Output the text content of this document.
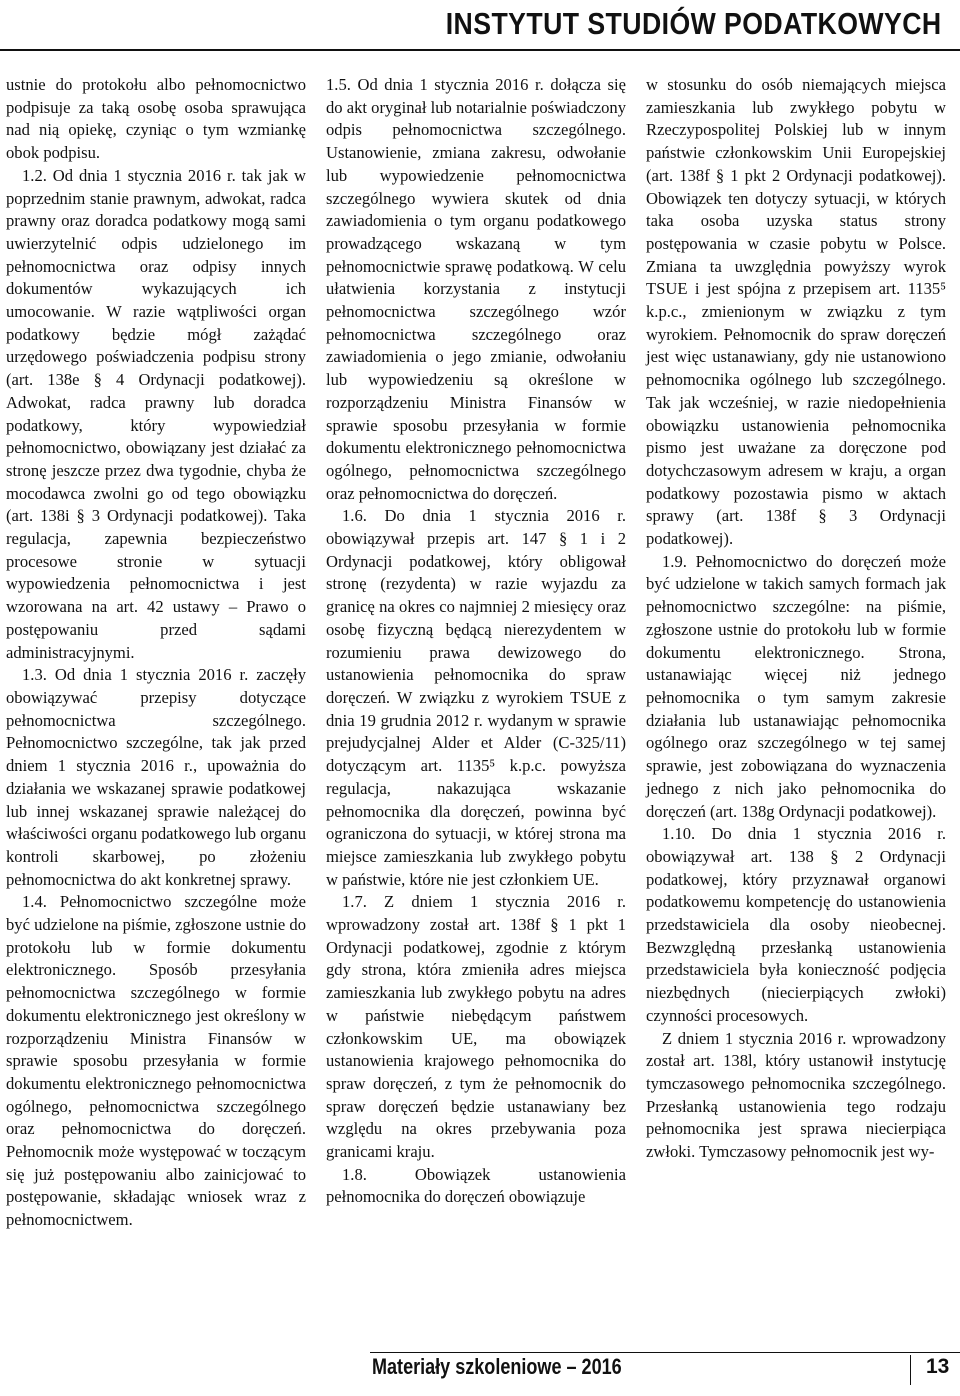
INSTYTUT STUDIÓW PODATKOWYCH

ustnie do protokołu albo pełnomocnictwo podpisuje za taką osobę osoba sprawująca nad nią opiekę, czyniąc o tym wzmiankę obok podpisu.

1.2. Od dnia 1 stycznia 2016 r. tak jak w poprzednim stanie prawnym, adwokat, radca prawny oraz doradca podatkowy mogą sami uwierzytelnić odpis udzielonego im pełnomocnictwa oraz odpisy innych dokumentów wykazujących ich umocowanie. W razie wątpliwości organ podatkowy będzie mógł zażądać urzędowego poświadczenia podpisu strony (art. 138e § 4 Ordynacji podatkowej). Adwokat, radca prawny lub doradca podatkowy, który wypowiedział pełnomocnictwo, obowiązany jest działać za stronę jeszcze przez dwa tygodnie, chyba że mocodawca zwolni go od tego obowiązku (art. 138i § 3 Ordynacji podatkowej). Taka regulacja, zapewnia bezpieczeństwo procesowe stronie w sytuacji wypowiedzenia pełnomocnictwa i jest wzorowana na art. 42 ustawy – Prawo o postępowaniu przed sądami administracyjnymi.

1.3. Od dnia 1 stycznia 2016 r. zaczęły obowiązywać przepisy dotyczące pełnomocnictwa szczególnego. Pełnomocnictwo szczególne, tak jak przed dniem 1 stycznia 2016 r., upoważnia do działania we wskazanej sprawie podatkowej lub innej wskazanej sprawie należącej do właściwości organu podatkowego lub organu kontroli skarbowej, po złożeniu pełnomocnictwa do akt konkretnej sprawy.

1.4. Pełnomocnictwo szczególne może być udzielone na piśmie, zgłoszone ustnie do protokołu lub w formie dokumentu elektronicznego. Sposób przesyłania pełnomocnictwa szczególnego w formie dokumentu elektronicznego jest określony w rozporządzeniu Ministra Finansów w sprawie sposobu przesyłania w formie dokumentu elektronicznego pełnomocnictwa ogólnego, pełnomocnictwa szczególnego oraz pełnomocnictwa do doręczeń. Pełnomocnik może występować w toczącym się już postępowaniu albo zainicjować to postępowanie, składając wniosek wraz z pełnomocnictwem.

1.5. Od dnia 1 stycznia 2016 r. dołącza się do akt oryginał lub notarialnie poświadczony odpis pełnomocnictwa szczególnego. Ustanowienie, zmiana zakresu, odwołanie lub wypowiedzenie pełnomocnictwa szczególnego wywiera skutek od dnia zawiadomienia o tym organu podatkowego prowadzącego wskazaną w tym pełnomocnictwie sprawę podatkową. W celu ułatwienia korzystania z instytucji pełnomocnictwa szczególnego wzór pełnomocnictwa szczególnego oraz zawiadomienia o jego zmianie, odwołaniu lub wypowiedzeniu są określone w rozporządzeniu Ministra Finansów w sprawie sposobu przesyłania w formie dokumentu elektronicznego pełnomocnictwa ogólnego, pełnomocnictwa szczególnego oraz pełnomocnictwa do doręczeń.

1.6. Do dnia 1 stycznia 2016 r. obowiązywał przepis art. 147 § 1 i 2 Ordynacji podatkowej, który obligował stronę (rezydenta) w razie wyjazdu za granicę na okres co najmniej 2 miesięcy oraz osobę fizyczną będącą nierezydentem w rozumieniu prawa dewizowego do ustanowienia pełnomocnika do spraw doręczeń. W związku z wyrokiem TSUE z dnia 19 grudnia 2012 r. wydanym w sprawie prejudycjalnej Alder et Alder (C-325/11) dotyczącym art. 1135⁵ k.p.c. powyższa regulacja, nakazująca wskazanie pełnomocnika dla doręczeń, powinna być ograniczona do sytuacji, w której strona ma miejsce zamieszkania lub zwykłego pobytu w państwie, które nie jest członkiem UE.

1.7. Z dniem 1 stycznia 2016 r. wprowadzony został art. 138f § 1 pkt 1 Ordynacji podatkowej, zgodnie z którym gdy strona, która zmieniła adres miejsca zamieszkania lub zwykłego pobytu na adres w państwie niebędącym państwem członkowskim UE, ma obowiązek ustanowienia krajowego pełnomocnika do spraw doręczeń, z tym że pełnomocnik do spraw doręczeń będzie ustanawiany bez względu na okres przebywania poza granicami kraju.

1.8. Obowiązek ustanowienia pełnomocnika do doręczeń obowiązuje

w stosunku do osób niemających miejsca zamieszkania lub zwykłego pobytu w Rzeczypospolitej Polskiej lub w innym państwie członkowskim Unii Europejskiej (art. 138f § 1 pkt 2 Ordynacji podatkowej). Obowiązek ten dotyczy sytuacji, w których taka osoba uzyska status strony postępowania w czasie pobytu w Polsce. Zmiana ta uwzględnia powyższy wyrok TSUE i jest spójna z przepisem art. 1135⁵ k.p.c., zmienionym w związku z tym wyrokiem. Pełnomocnik do spraw doręczeń jest więc ustanawiany, gdy nie ustanowiono pełnomocnika ogólnego lub szczególnego. Tak jak wcześniej, w razie niedopełnienia obowiązku ustanowienia pełnomocnika pismo jest uważane za doręczone pod dotychczasowym adresem w kraju, a organ podatkowy pozostawia pismo w aktach sprawy (art. 138f § 3 Ordynacji podatkowej).

1.9. Pełnomocnictwo do doręczeń może być udzielone w takich samych formach jak pełnomocnictwo szczególne: na piśmie, zgłoszone ustnie do protokołu lub w formie dokumentu elektronicznego. Strona, ustanawiając więcej niż jednego pełnomocnika o tym samym zakresie działania lub ustanawiając pełnomocnika ogólnego oraz szczególnego w tej samej sprawie, jest zobowiązana do wyznaczenia jednego z nich jako pełnomocnika do doręczeń (art. 138g Ordynacji podatkowej).

1.10. Do dnia 1 stycznia 2016 r. obowiązywał art. 138 § 2 Ordynacji podatkowej, który przyznawał organowi podatkowemu kompetencję do ustanowienia przedstawiciela dla osoby nieobecnej. Bezwzględną przesłanką ustanowienia przedstawiciela była konieczność podjęcia niezbędnych (niecierpiących zwłoki) czynności procesowych.

Z dniem 1 stycznia 2016 r. wprowadzony został art. 138l, który ustanowił instytucję tymczasowego pełnomocnika szczególnego. Przesłanką ustanowienia tego rodzaju pełnomocnika jest sprawa niecierpiąca zwłoki. Tymczasowy pełnomocnik jest wy-

Materiały szkoleniowe – 2016	13
